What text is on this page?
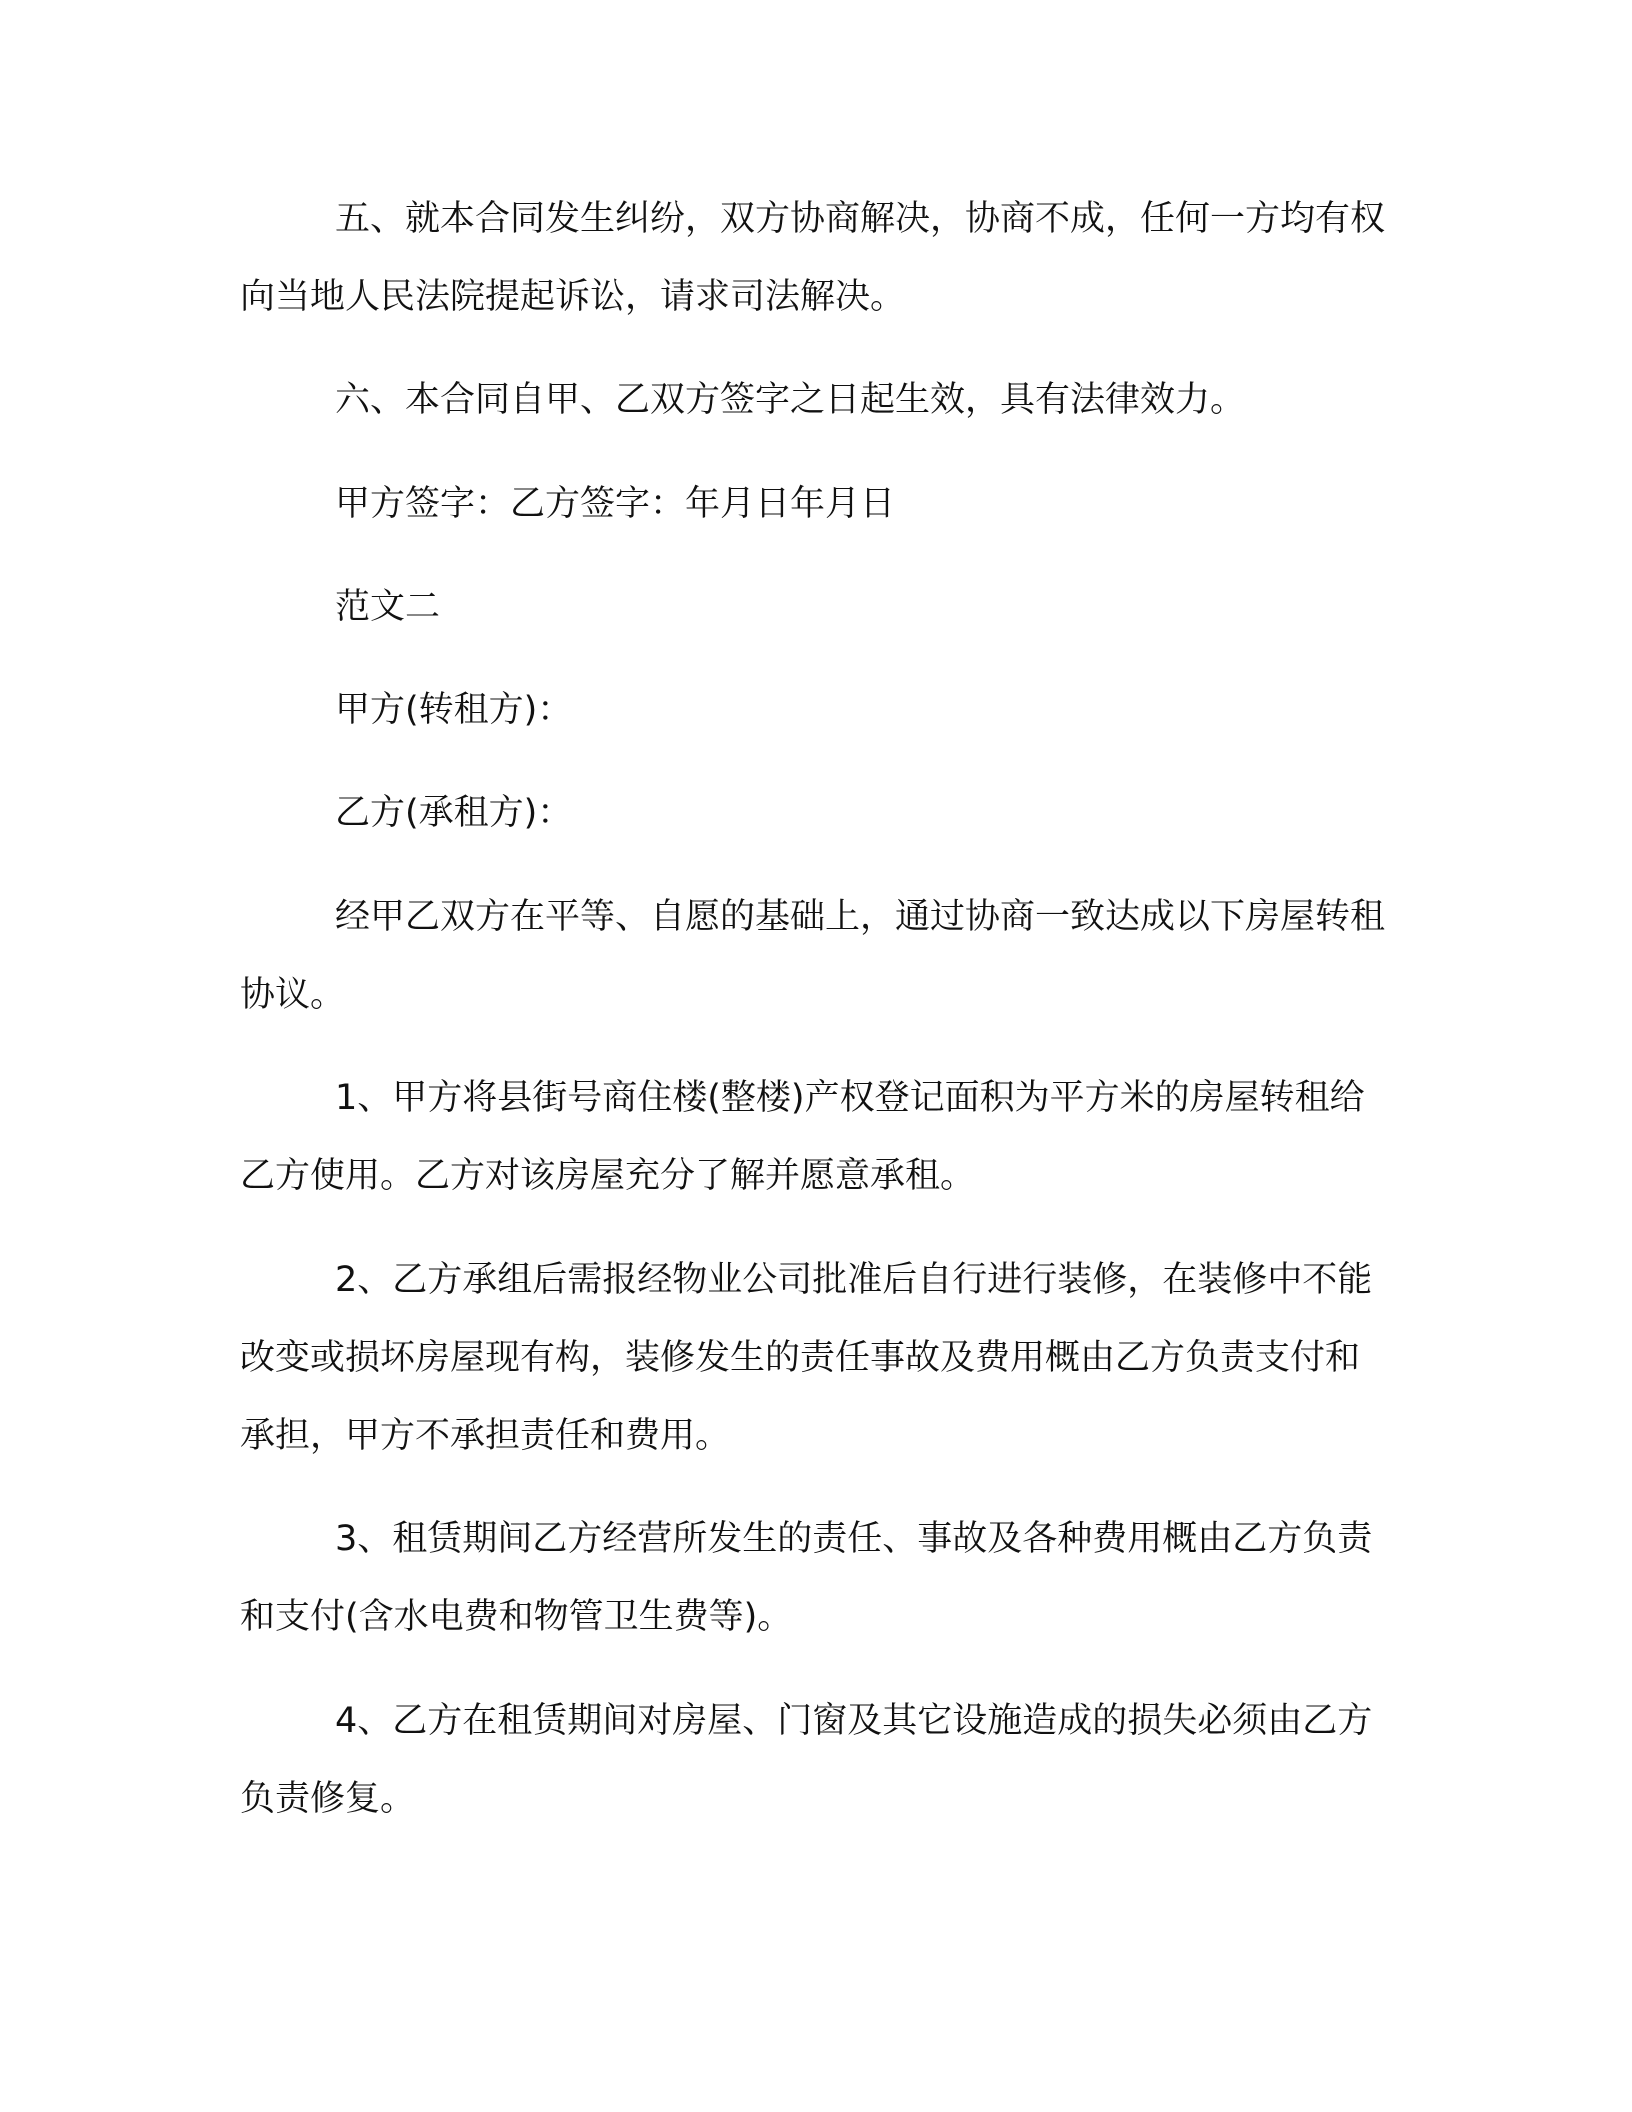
五、就本合同发生纠纷，双方协商解决，协商不成，任何一方均有权向当地人民法院提起诉讼，请求司法解决。

六、本合同自甲、乙双方签字之日起生效，具有法律效力。

甲方签字：乙方签字：年月日年月日

范文二

甲方(转租方)：

乙方(承租方)：

经甲乙双方在平等、自愿的基础上，通过协商一致达成以下房屋转租协议。

1、甲方将县街号商住楼(整楼)产权登记面积为平方米的房屋转租给乙方使用。乙方对该房屋充分了解并愿意承租。

2、乙方承组后需报经物业公司批准后自行进行装修，在装修中不能改变或损坏房屋现有构，装修发生的责任事故及费用概由乙方负责支付和承担，甲方不承担责任和费用。

3、租赁期间乙方经营所发生的责任、事故及各种费用概由乙方负责和支付(含水电费和物管卫生费等)。

4、乙方在租赁期间对房屋、门窗及其它设施造成的损失必须由乙方负责修复。
